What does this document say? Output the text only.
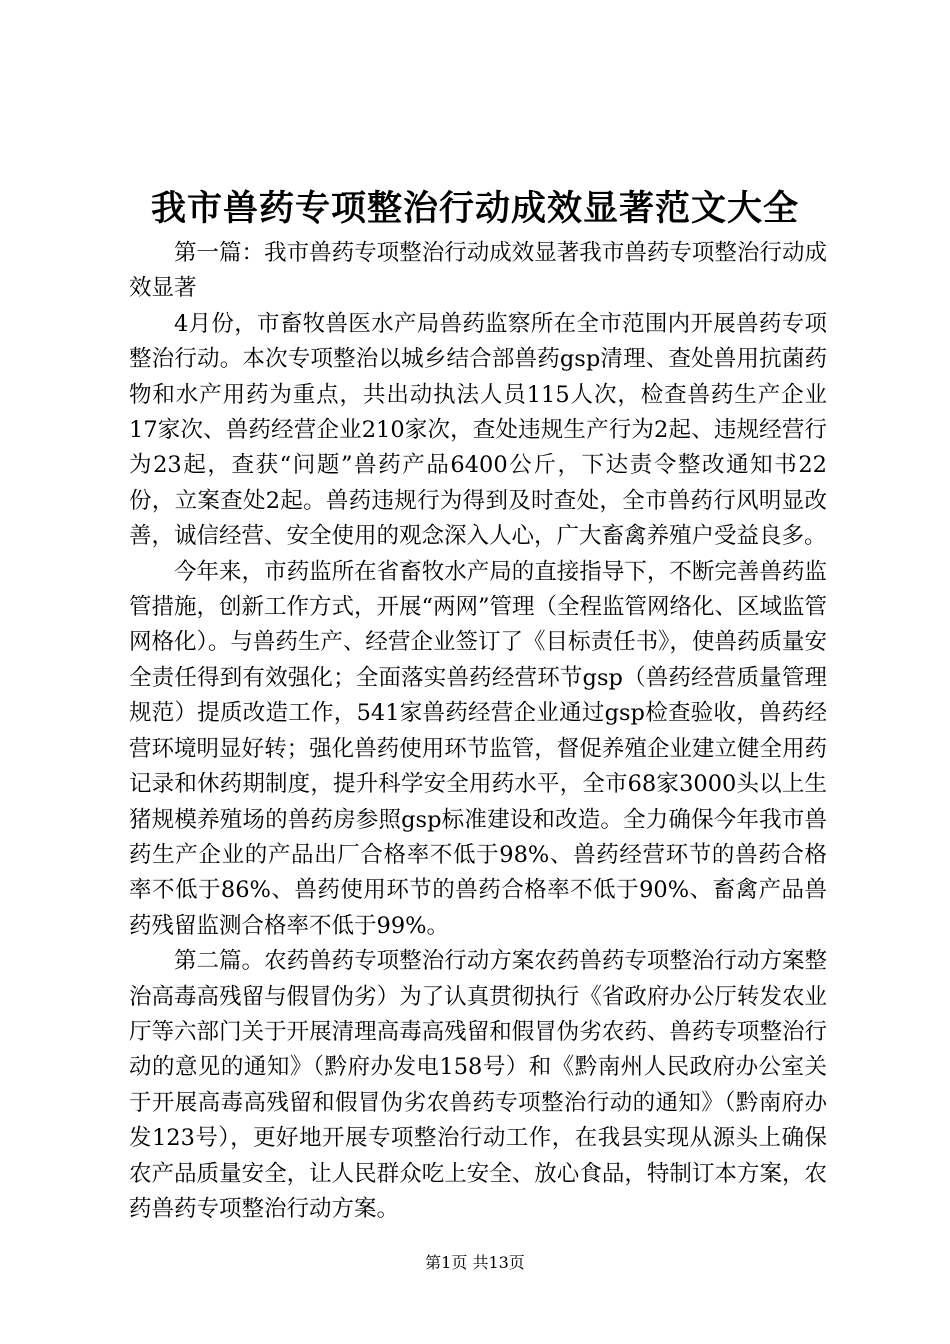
我市兽药专项整治行动成效显著范文大全

第一篇：我市兽药专项整治行动成效显著我市兽药专项整治行动成效显著

4月份，市畜牧兽医水产局兽药监察所在全市范围内开展兽药专项整治行动。本次专项整治以城乡结合部兽药gsp清理、查处兽用抗菌药物和水产用药为重点，共出动执法人员115人次，检查兽药生产企业17家次、兽药经营企业210家次，查处违规生产行为2起、违规经营行为23起，查获“问题”兽药产品6400公斤，下达责令整改通知书22份，立案查处2起。兽药违规行为得到及时查处，全市兽药行风明显改善，诚信经营、安全使用的观念深入人心，广大畜禽养殖户受益良多。

今年来，市药监所在省畜牧水产局的直接指导下，不断完善兽药监管措施，创新工作方式，开展“两网”管理（全程监管网络化、区域监管网格化）。与兽药生产、经营企业签订了《目标责任书》，使兽药质量安全责任得到有效强化；全面落实兽药经营环节gsp（兽药经营质量管理规范）提质改造工作，541家兽药经营企业通过gsp检查验收，兽药经营环境明显好转；强化兽药使用环节监管，督促养殖企业建立健全用药记录和休药期制度，提升科学安全用药水平，全市68家3000头以上生猪规模养殖场的兽药房参照gsp标准建设和改造。全力确保今年我市兽药生产企业的产品出厂合格率不低于98%、兽药经营环节的兽药合格率不低于86%、兽药使用环节的兽药合格率不低于90%、畜禽产品兽药残留监测合格率不低于99%。

第二篇。农药兽药专项整治行动方案农药兽药专项整治行动方案整治高毒高残留与假冒伪劣）为了认真贯彻执行《省政府办公厅转发农业厅等六部门关于开展清理高毒高残留和假冒伪劣农药、兽药专项整治行动的意见的通知》（黔府办发电158号）和《黔南州人民政府办公室关于开展高毒高残留和假冒伪劣农兽药专项整治行动的通知》（黔南府办发123号），更好地开展专项整治行动工作，在我县实现从源头上确保农产品质量安全，让人民群众吃上安全、放心食品，特制订本方案，农药兽药专项整治行动方案。

第1页 共13页
